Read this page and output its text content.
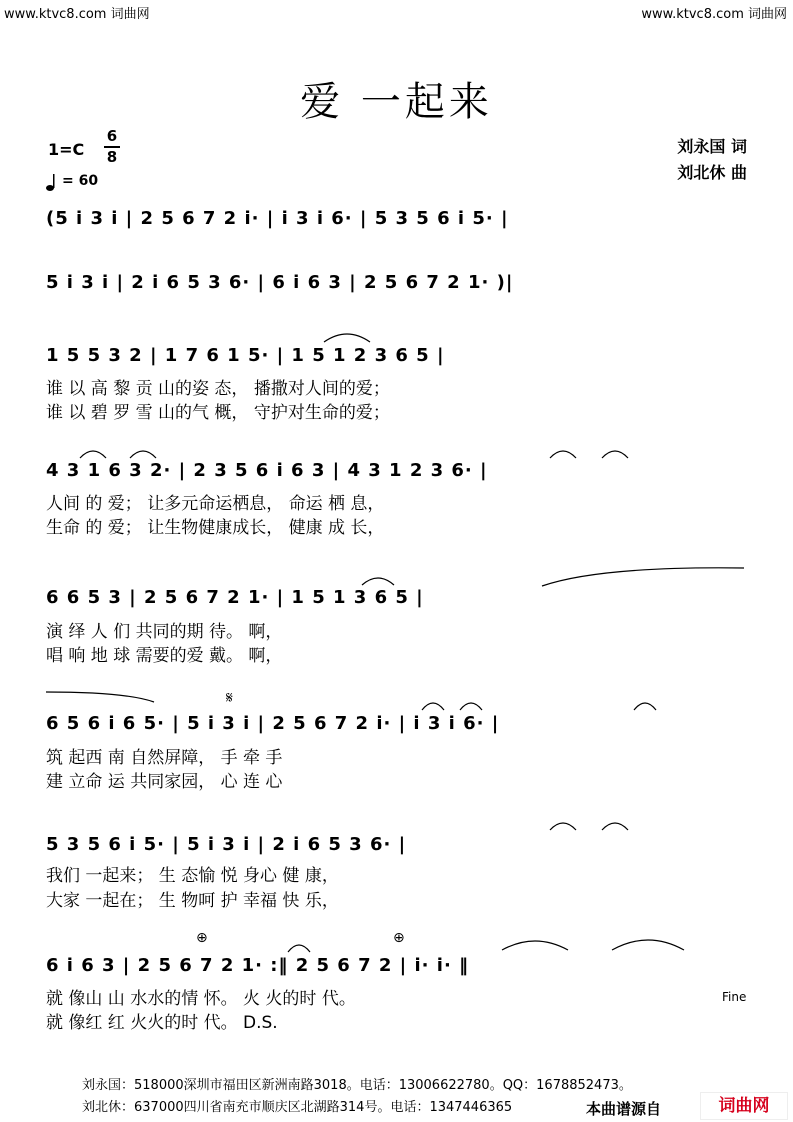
www.ktvc8.com 词曲网	www.ktvc8.com 词曲网
爱 一起来
1=C
6
8
= 60
刘永国 词
刘北休 曲
(5 i 3 i | 2 5 6 7 2 i· | i 3 i 6· | 5 3 5 6 i 5· |
5 i 3 i | 2 i 6 5 3 6· | 6 i 6 3 | 2 5 6 7 2 1· )|
1 5 5 3 2 | 1 7 6 1 5· | 1 5 1 2 3 6 5 |
谁 以 高 黎 贡 山的姿 态， 播撒对人间的爱；
谁 以 碧 罗 雪 山的气 概， 守护对生命的爱；
4 3 1 6 3 2· | 2 3 5 6 i 6 3 | 4 3 1 2 3 6· |
人间 的 爱； 让多元命运栖息， 命运 栖 息，
生命 的 爱； 让生物健康成长， 健康 成 长，
6 6 5 3 | 2 5 6 7 2 1· | 1 5 1 3 6 5 |
演 绎 人 们 共同的期 待。 啊，
唱 响 地 球 需要的爱 戴。 啊，
𝄋
6 5 6 i 6 5· | 5 i 3 i | 2 5 6 7 2 i· | i 3 i 6· |
筑 起西 南 自然屏障， 手 牵 手
建 立命 运 共同家园， 心 连 心
5 3 5 6 i 5· | 5 i 3 i | 2 i 6 5 3 6· |
我们 一起来； 生 态愉 悦 身心 健 康，
大家 一起在； 生 物呵 护 幸福 快 乐，
⊕	⊕
6 i 6 3 | 2 5 6 7 2 1· :‖ 2 5 6 7 2 | i· i· ‖
就 像山 山 水水的情 怀。 火 火的时 代。
就 像红 红 火火的时 代。 D.S.
Fine
刘永国：518000深圳市福田区新洲南路3018。电话：13006622780。QQ：1678852473。
刘北休：637000四川省南充市顺庆区北湖路314号。电话：1347446365	本曲谱源自	词曲网
